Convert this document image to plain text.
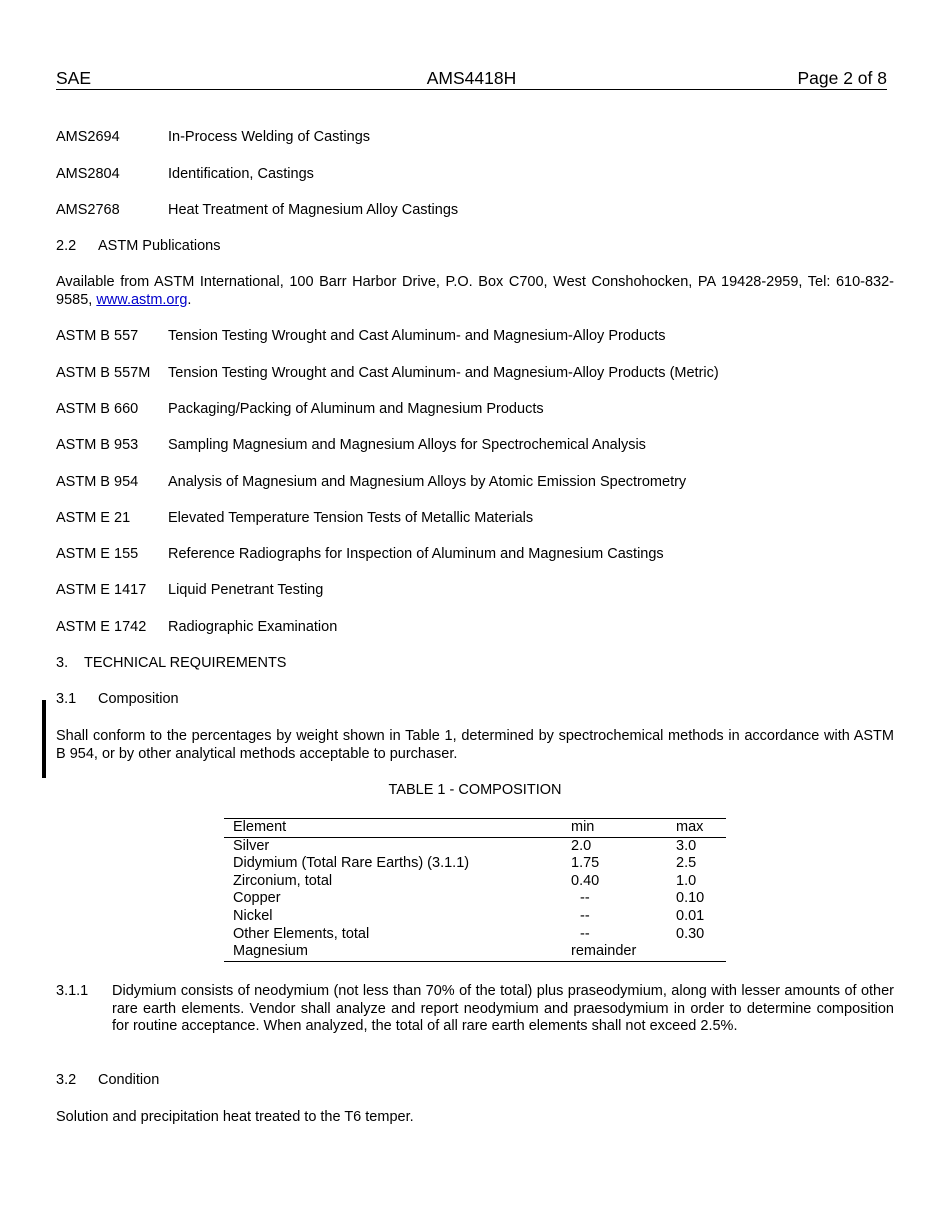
SAE	AMS4418H	Page 2 of 8
AMS2694	In-Process Welding of Castings
AMS2804	Identification, Castings
AMS2768	Heat Treatment of Magnesium Alloy Castings
2.2 ASTM Publications
Available from ASTM International, 100 Barr Harbor Drive, P.O. Box C700, West Conshohocken, PA 19428-2959, Tel: 610-832-9585, www.astm.org.
ASTM B 557 Tension Testing Wrought and Cast Aluminum- and Magnesium-Alloy Products
ASTM B 557M Tension Testing Wrought and Cast Aluminum- and Magnesium-Alloy Products (Metric)
ASTM B 660 Packaging/Packing of Aluminum and Magnesium Products
ASTM B 953 Sampling Magnesium and Magnesium Alloys for Spectrochemical Analysis
ASTM B 954 Analysis of Magnesium and Magnesium Alloys by Atomic Emission Spectrometry
ASTM E 21	Elevated Temperature Tension Tests of Metallic Materials
ASTM E 155 Reference Radiographs for Inspection of Aluminum and Magnesium Castings
ASTM E 1417 Liquid Penetrant Testing
ASTM E 1742 Radiographic Examination
3. TECHNICAL REQUIREMENTS
3.1 Composition
Shall conform to the percentages by weight shown in Table 1, determined by spectrochemical methods in accordance with ASTM B 954, or by other analytical methods acceptable to purchaser.
TABLE 1 - COMPOSITION
Element	min	max
Silver	2.0	3.0
Didymium (Total Rare Earths) (3.1.1)	1.75	2.5
Zirconium, total	0.40	1.0
Copper	--	0.10
Nickel	--	0.01
Other Elements, total	--	0.30
Magnesium	remainder	
3.1.1 Didymium consists of neodymium (not less than 70% of the total) plus praseodymium, along with lesser amounts of other rare earth elements. Vendor shall analyze and report neodymium and praesodymium in order to determine composition for routine acceptance. When analyzed, the total of all rare earth elements shall not exceed 2.5%.
3.2 Condition
Solution and precipitation heat treated to the T6 temper.
